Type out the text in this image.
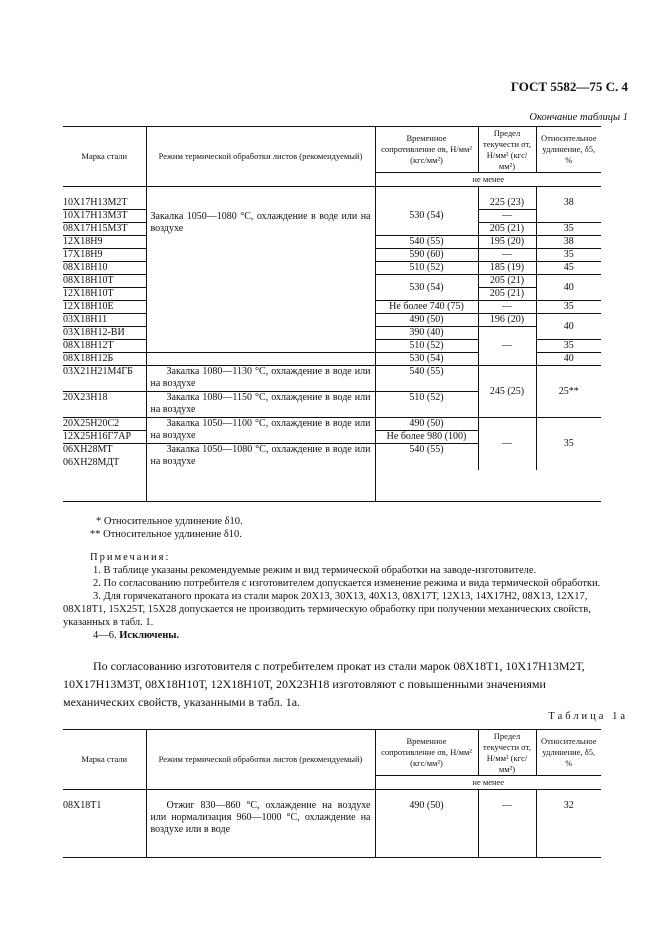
ГОСТ 5582—75 С. 4
Окончание таблицы 1
Марка стали	Режим термической обработки листов (рекомендуемый)	Временное сопротивление σв, Н/мм² (кгс/мм²)	Предел текучести σт, Н/мм² (кгс/мм²)	Относительное удлинение, δ5, %
		не менее		

10Х17Н13М2Т	Закалка 1050—1080 °С, охлаждение в воде или на воздухе	530 (54)	225 (23)	38
10Х17Н13М3Т			—	
08Х17Н15М3Т			205 (21)	35
12Х18Н9		540 (55)	195 (20)	38
17Х18Н9		590 (60)	—	35
08Х18Н10		510 (52)	185 (19)	45
08Х18Н10Т		530 (54)	205 (21)	40
12Х18Н10Т			205 (21)	
12Х18Н10Е		Не более 740 (75)	—	35
03Х18Н11		490 (50)	196 (20)	40
03Х18Н12-ВИ		390 (40)	—	
08Х18Н12Т		510 (52)		35
08Х18Н12Б		530 (54)		40
03Х21Н21М4ГБ	Закалка 1080—1130 °С, охлаждение в воде или на воздухе	540 (55)	245 (25)	25**
20Х23Н18	Закалка 1080—1150 °С, охлаждение в воде или на воздухе	510 (52)		
20Х25Н20С2	Закалка 1050—1100 °С, охлаждение в воде или на воздухе	490 (50)	—	35
12Х25Н16Г7АР		Не более 980 (100)		
06ХН28МТ	Закалка 1050—1080 °С, охлаждение в воде или на воздухе	540 (55)		
06ХН28МДТ				

* Относительное удлинение δ10.
** Относительное удлинение δ10.
Примечания:

1. В таблице указаны рекомендуемые режим и вид термической обработки на заводе-изготовителе.

2. По согласованию потребителя с изготовителем допускается изменение режима и вида термической обработки.

3. Для горячекатаного проката из стали марок 20Х13, 30Х13, 40Х13, 08Х17Т, 12Х13, 14Х17Н2, 08Х13, 12Х17, 08Х18Т1, 15Х25Т, 15Х28 допускается не производить термическую обработку при получении механических свойств, указанных в табл. 1.

4—6. Исключены.

По согласованию изготовителя с потребителем прокат из стали марок 08Х18Т1, 10Х17Н13М2Т, 10Х17Н13М3Т, 08Х18Н10Т, 12Х18Н10Т, 20Х23Н18 изготовляют с повышенными значениями механических свойств, указанными в табл. 1а.

Таблица 1а
Марка стали	Режим термической обработки листов (рекомендуемый)	Временное сопротивление σв, Н/мм² (кгс/мм²)	Предел текучести σт, Н/мм² (кгс/мм²)	Относительное удлинение, δ5, %
		не менее		

08Х18Т1	Отжиг 830—860 °С, охлаждение на воздухе или нормализация 960—1000 °С, охлаждение на воздухе или в воде	490 (50)	—	32
